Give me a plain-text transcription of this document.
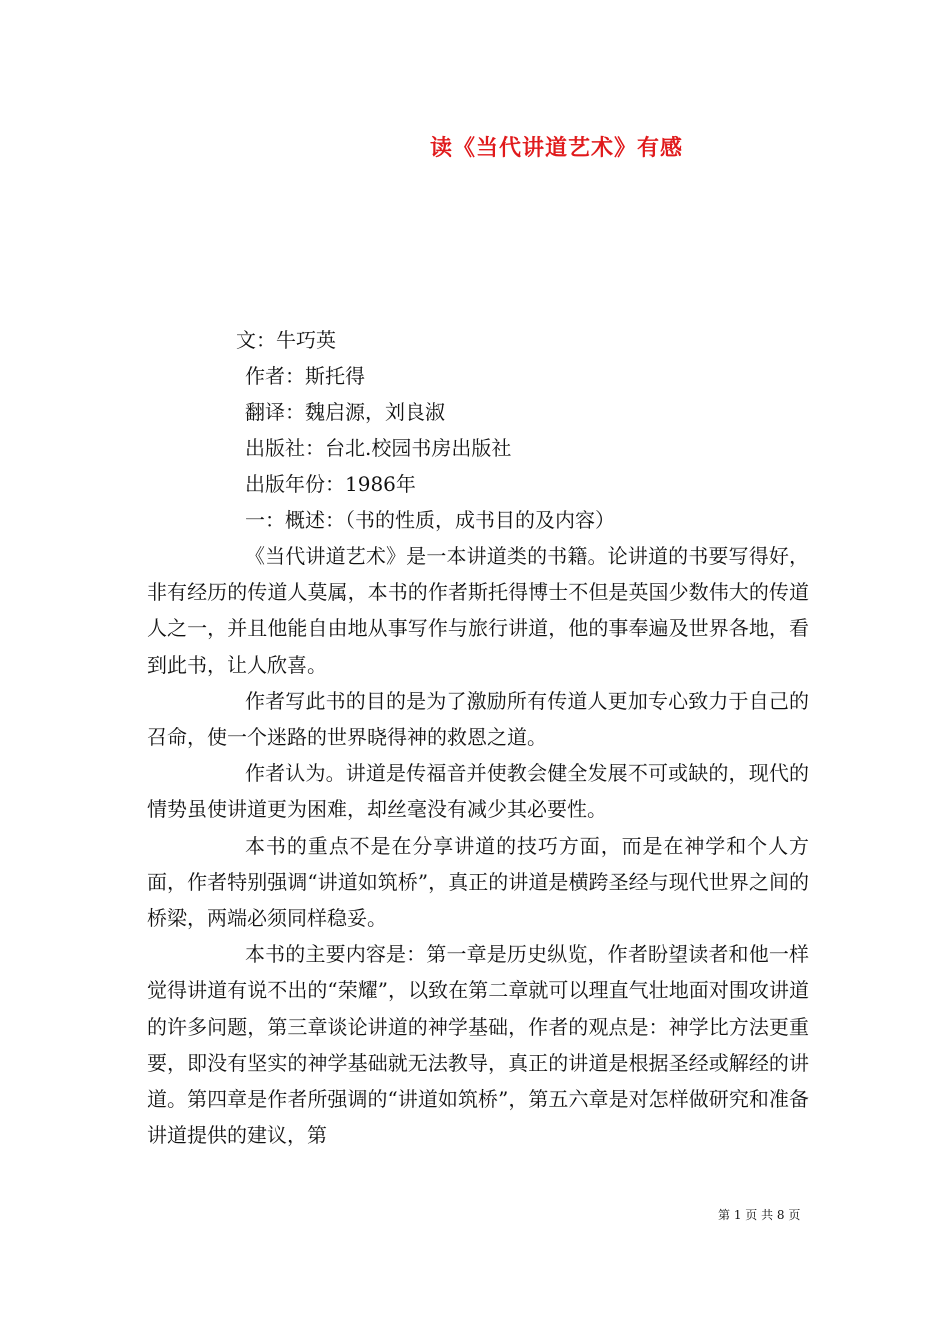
读《当代讲道艺术》有感
文：牛巧英
作者：斯托得
翻译：魏启源，刘良淑
出版社：台北.校园书房出版社
出版年份：1986年
一：概述：（书的性质，成书目的及内容）

《当代讲道艺术》是一本讲道类的书籍。论讲道的书要写得好，非有经历的传道人莫属，本书的作者斯托得博士不但是英国少数伟大的传道人之一，并且他能自由地从事写作与旅行讲道，他的事奉遍及世界各地，看到此书，让人欣喜。

作者写此书的目的是为了激励所有传道人更加专心致力于自己的召命，使一个迷路的世界晓得神的救恩之道。

作者认为。讲道是传福音并使教会健全发展不可或缺的，现代的情势虽使讲道更为困难，却丝毫没有减少其必要性。

本书的重点不是在分享讲道的技巧方面，而是在神学和个人方面，作者特别强调“讲道如筑桥”，真正的讲道是横跨圣经与现代世界之间的桥梁，两端必须同样稳妥。

本书的主要内容是：第一章是历史纵览，作者盼望读者和他一样觉得讲道有说不出的“荣耀”，以致在第二章就可以理直气壮地面对围攻讲道的许多问题，第三章谈论讲道的神学基础，作者的观点是：神学比方法更重要，即没有坚实的神学基础就无法教导，真正的讲道是根据圣经或解经的讲道。第四章是作者所强调的“讲道如筑桥”，第五六章是对怎样做研究和准备讲道提供的建议，第

第 1 页 共 8 页
